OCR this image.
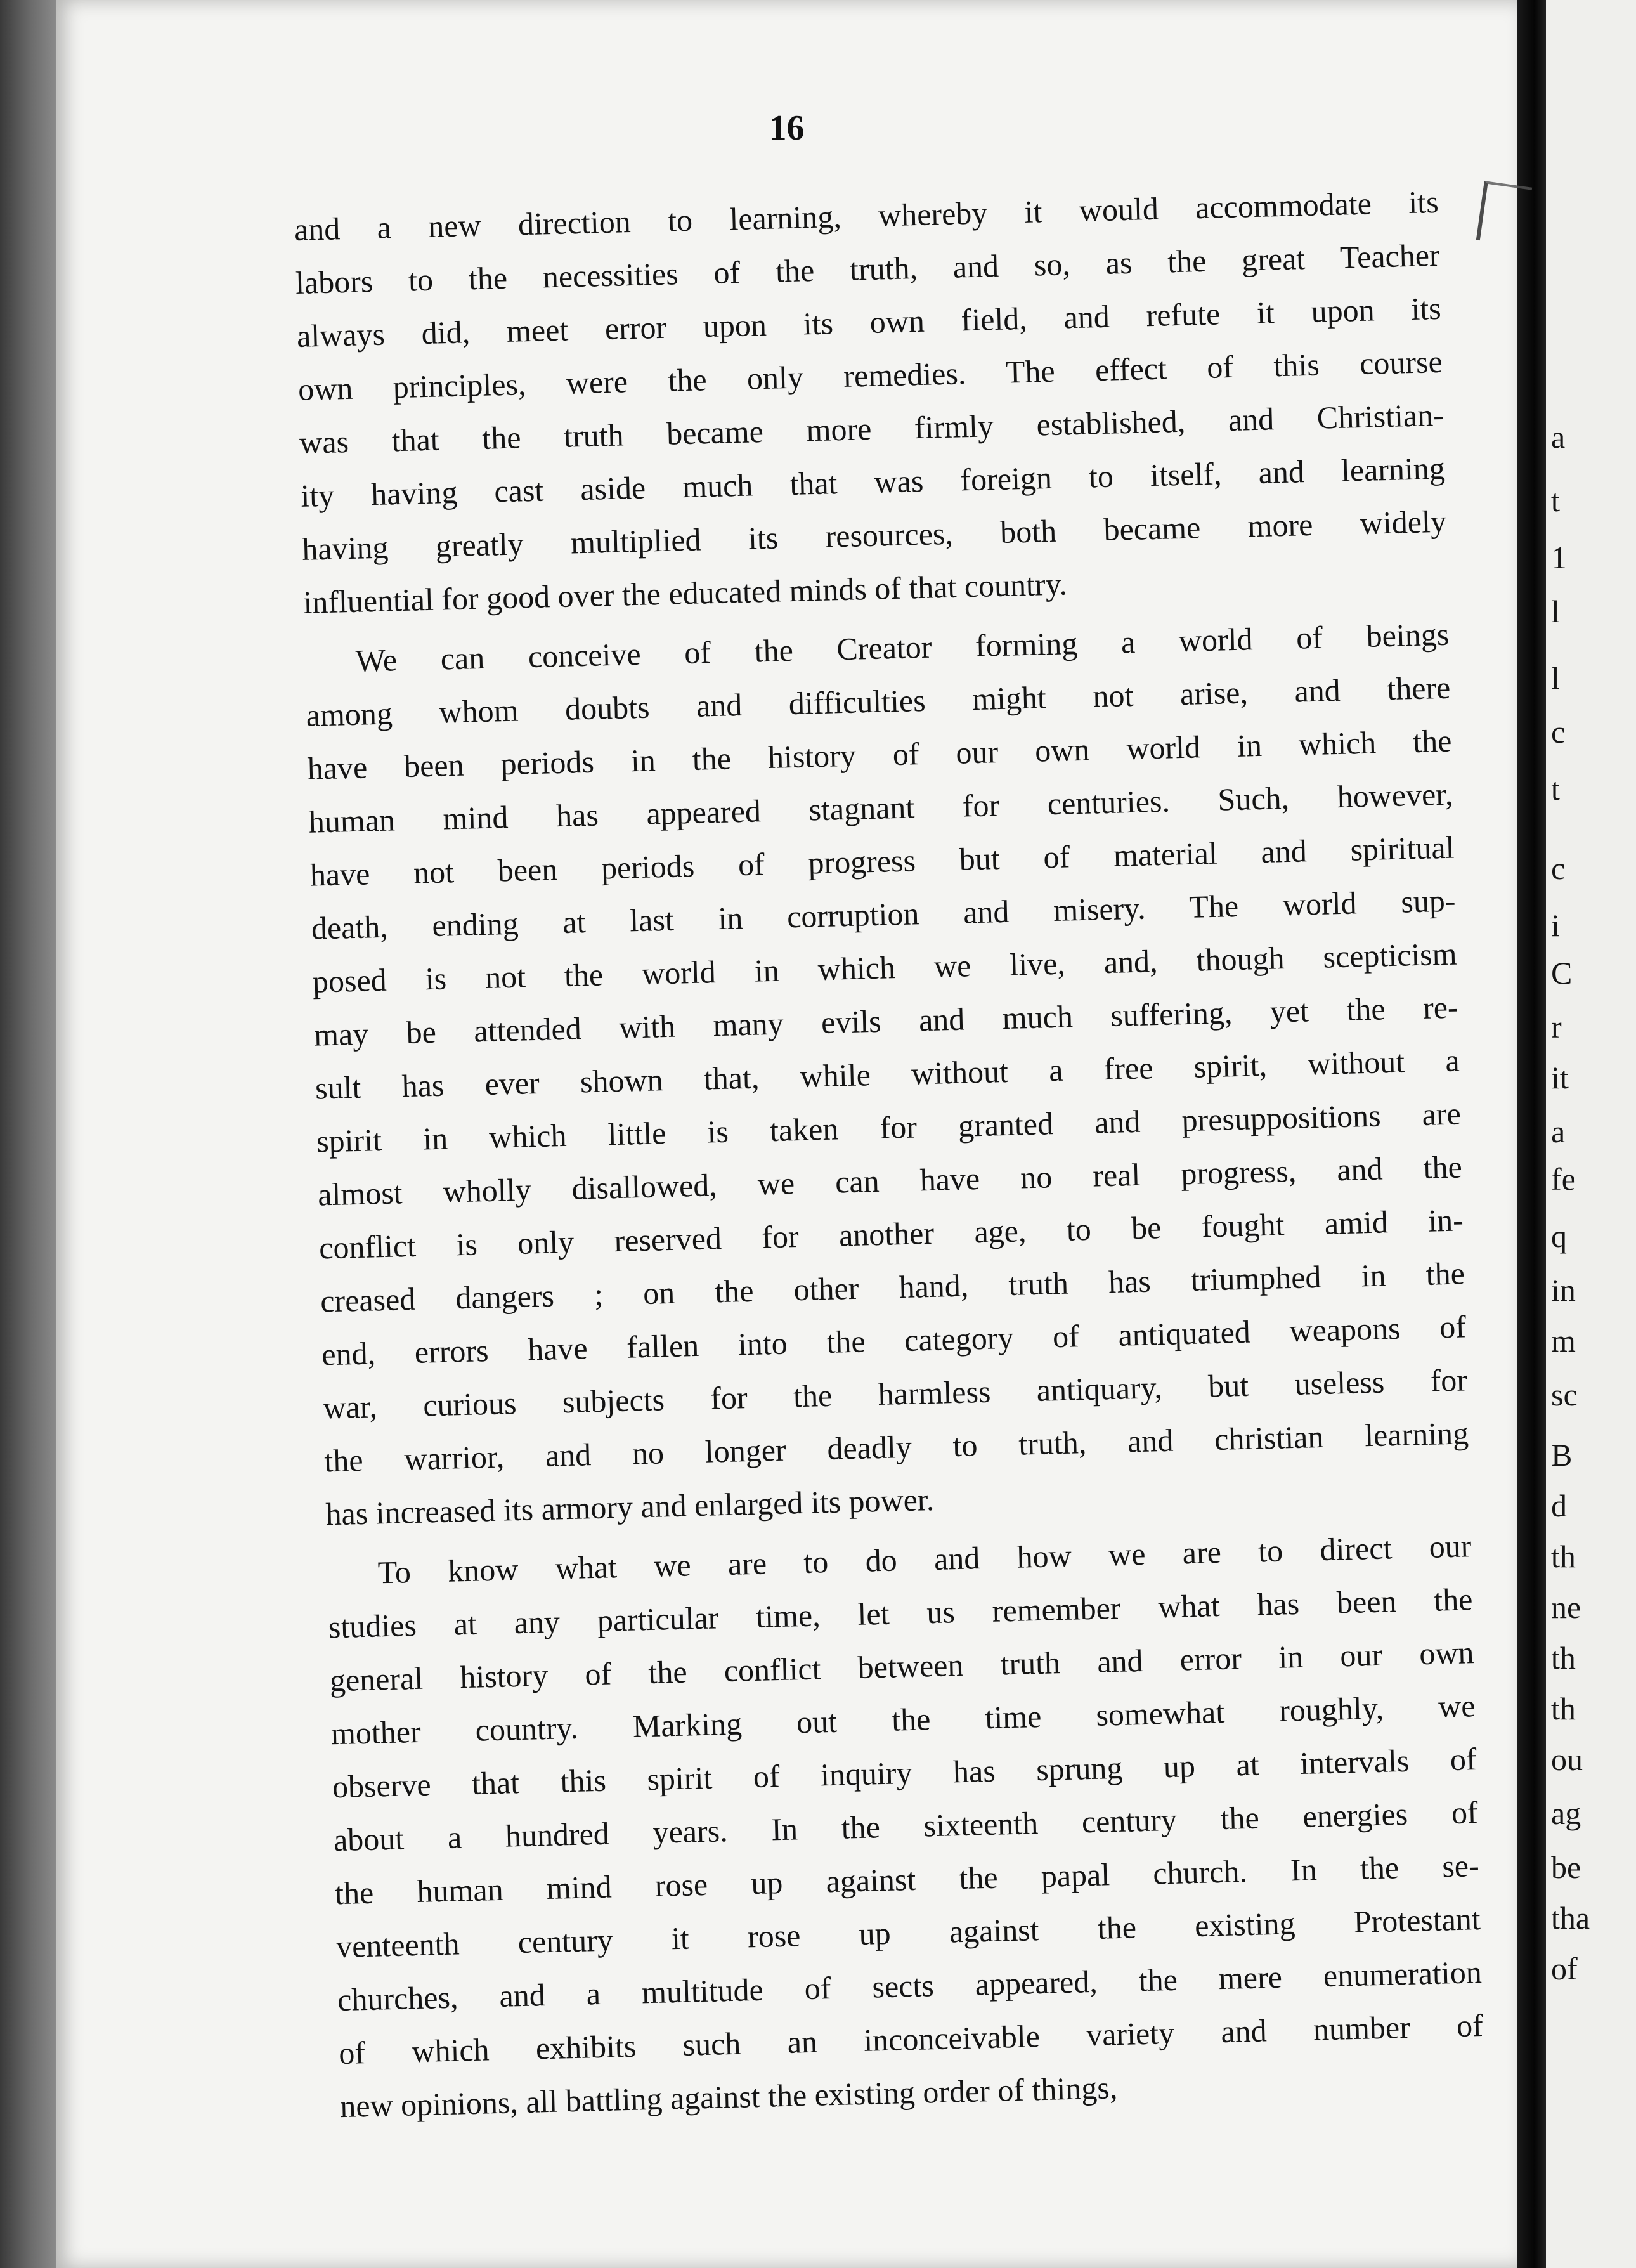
16
and a new direction to learning, whereby it would accommodate its
labors to the necessities of the truth, and so, as the great Teacher
always did, meet error upon its own field, and refute it upon its
own principles, were the only remedies. The effect of this course
was that the truth became more firmly established, and Christian-
ity having cast aside much that was foreign to itself, and learning
having greatly multiplied its resources, both became more widely
influential for good over the educated minds of that country.
We can conceive of the Creator forming a world of beings
among whom doubts and difficulties might not arise, and there
have been periods in the history of our own world in which the
human mind has appeared stagnant for centuries. Such, however,
have not been periods of progress but of material and spiritual
death, ending at last in corruption and misery. The world sup-
posed is not the world in which we live, and, though scepticism
may be attended with many evils and much suffering, yet the re-
sult has ever shown that, while without a free spirit, without a
spirit in which little is taken for granted and presuppositions are
almost wholly disallowed, we can have no real progress, and the
conflict is only reserved for another age, to be fought amid in-
creased dangers ; on the other hand, truth has triumphed in the
end, errors have fallen into the category of antiquated weapons of
war, curious subjects for the harmless antiquary, but useless for
the warrior, and no longer deadly to truth, and christian learning
has increased its armory and enlarged its power.
To know what we are to do and how we are to direct our
studies at any particular time, let us remember what has been the
general history of the conflict between truth and error in our own
mother country. Marking out the time somewhat roughly, we
observe that this spirit of inquiry has sprung up at intervals of
about a hundred years. In the sixteenth century the energies of
the human mind rose up against the papal church. In the se-
venteenth century it rose up against the existing Protestant
churches, and a multitude of sects appeared, the mere enumeration
of which exhibits such an inconceivable variety and number of
new opinions, all battling against the existing order of things,
a
t
1
l
l
c
t
c
i
C
r
it
a
fe
q
in
m
sc
B
d
th
ne
th
th
ou
ag
be
tha
of
